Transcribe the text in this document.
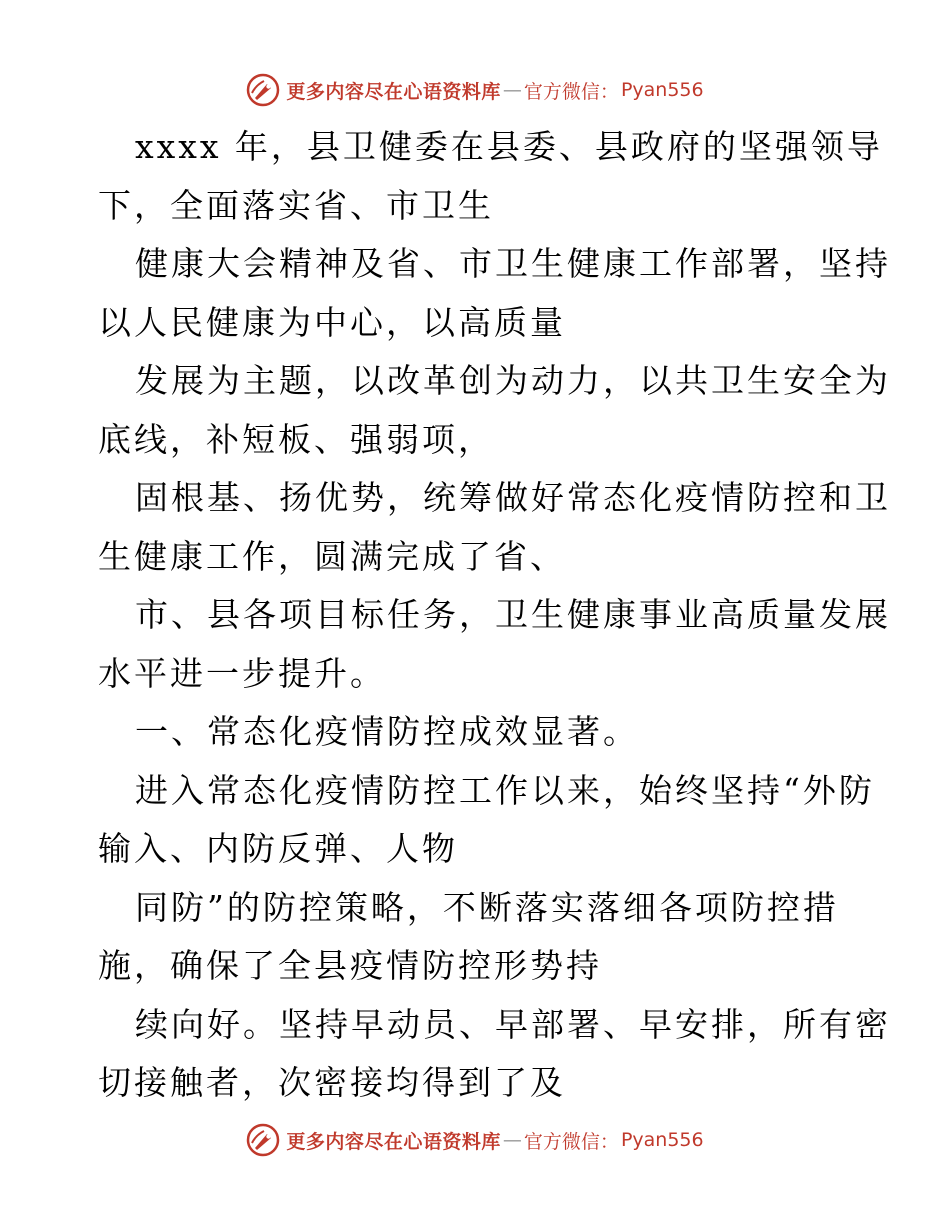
更多内容尽在心语资料库 — 官方微信 ： Pyan556
xxxx 年，县卫健委在县委、县政府的坚强领导
下，全面落实省、市卫生
健康大会精神及省、市卫生健康工作部署，坚持
以人民健康为中心，以高质量
发展为主题，以改革创为动力，以共卫生安全为
底线，补短板、强弱项，
固根基、扬优势，统筹做好常态化疫情防控和卫
生健康工作，圆满完成了省、
市、县各项目标任务，卫生健康事业高质量发展
水平进一步提升。
一、常态化疫情防控成效显著。
进入常态化疫情防控工作以来，始终坚持“外防
输入、内防反弹、人物
同防”的防控策略，不断落实落细各项防控措
施，确保了全县疫情防控形势持
续向好。坚持早动员、早部署、早安排，所有密
切接触者，次密接均得到了及
更多内容尽在心语资料库 — 官方微信 ： Pyan556
